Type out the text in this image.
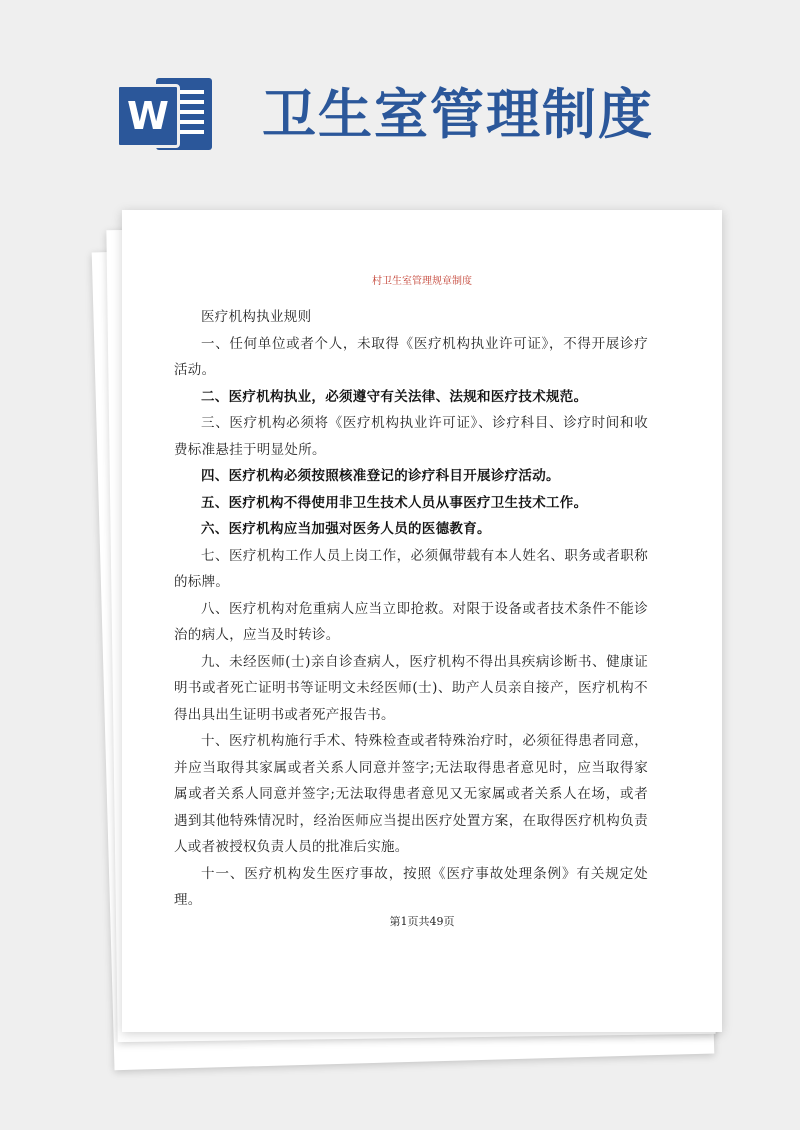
W 卫生室管理制度
村卫生室管理规章制度

医疗机构执业规则

一、任何单位或者个人，未取得《医疗机构执业许可证》，不得开展诊疗活动。

二、医疗机构执业，必须遵守有关法律、法规和医疗技术规范。

三、医疗机构必须将《医疗机构执业许可证》、诊疗科目、诊疗时间和收费标准悬挂于明显处所。

四、医疗机构必须按照核准登记的诊疗科目开展诊疗活动。

五、医疗机构不得使用非卫生技术人员从事医疗卫生技术工作。

六、医疗机构应当加强对医务人员的医德教育。

七、医疗机构工作人员上岗工作，必须佩带载有本人姓名、职务或者职称的标牌。

八、医疗机构对危重病人应当立即抢救。对限于设备或者技术条件不能诊治的病人，应当及时转诊。

九、未经医师(士)亲自诊查病人，医疗机构不得出具疾病诊断书、健康证明书或者死亡证明书等证明文未经医师(士)、助产人员亲自接产，医疗机构不得出具出生证明书或者死产报告书。

十、医疗机构施行手术、特殊检查或者特殊治疗时，必须征得患者同意，并应当取得其家属或者关系人同意并签字;无法取得患者意见时，应当取得家属或者关系人同意并签字;无法取得患者意见又无家属或者关系人在场，或者遇到其他特殊情况时，经治医师应当提出医疗处置方案，在取得医疗机构负责人或者被授权负责人员的批准后实施。

十一、医疗机构发生医疗事故，按照《医疗事故处理条例》有关规定处理。

第1页共49页
